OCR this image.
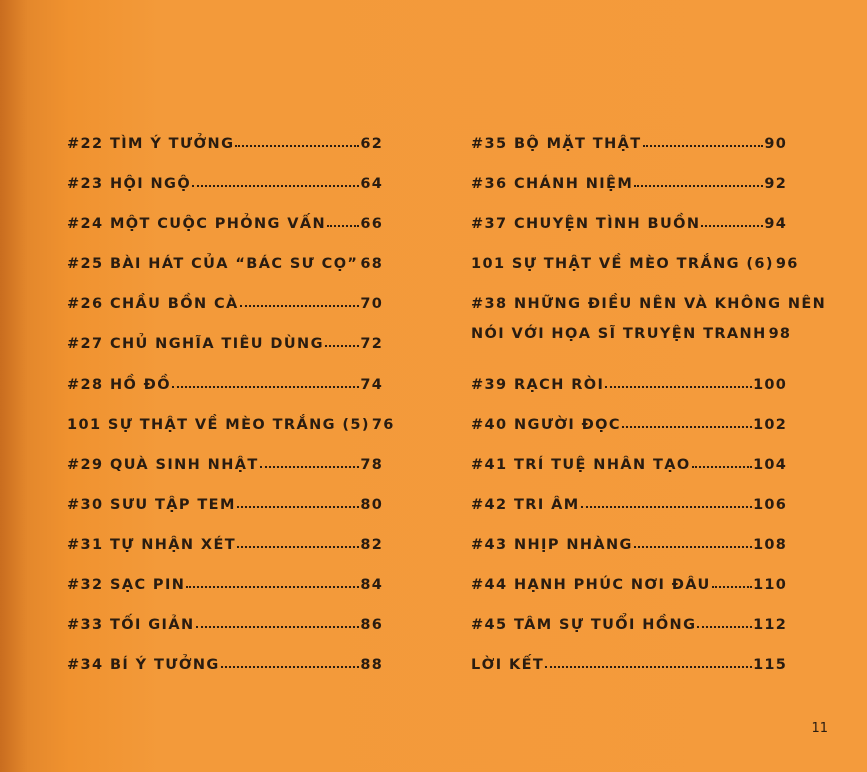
#22 TÌM Ý TƯỞNG	62
#23 HỘI NGỘ	64
#24 MỘT CUỘC PHỎNG VẤN 66
#25 BÀI HÁT CỦA “BÁC SƯ CỌ” 68
#26 CHẦU BỒN CÀ	70
#27 CHỦ NGHĨA TIÊU DÙNG	72
#28 HỒ ĐỒ	74
101 SỰ THẬT VỀ MÈO TRẮNG (5) 76
#29 QUÀ SINH NHẬT	78
#30 SƯU TẬP TEM	80
#31 TỰ NHẬN XÉT	82
#32 SẠC PIN	84
#33 TỐI GIẢN	86
#34 BÍ Ý TƯỞNG	88
#35 BỘ MẶT THẬT	90
#36 CHÁNH NIỆM	92
#37 CHUYỆN TÌNH BUỒN	94
101 SỰ THẬT VỀ MÈO TRẮNG (6) 96
#38 NHỮNG ĐIỀU NÊN VÀ KHÔNG NÊN
NÓI VỚI HỌA SĨ TRUYỆN TRANH 98
#39 RẠCH RÒI	100
#40 NGƯỜI ĐỌC	102
#41 TRÍ TUỆ NHÂN TẠO	104
#42 TRI ÂM	106
#43 NHỊP NHÀNG	108
#44 HẠNH PHÚC NƠI ĐÂU	110
#45 TÂM SỰ TUỔI HỒNG	112
LỜI KẾT	115
11
